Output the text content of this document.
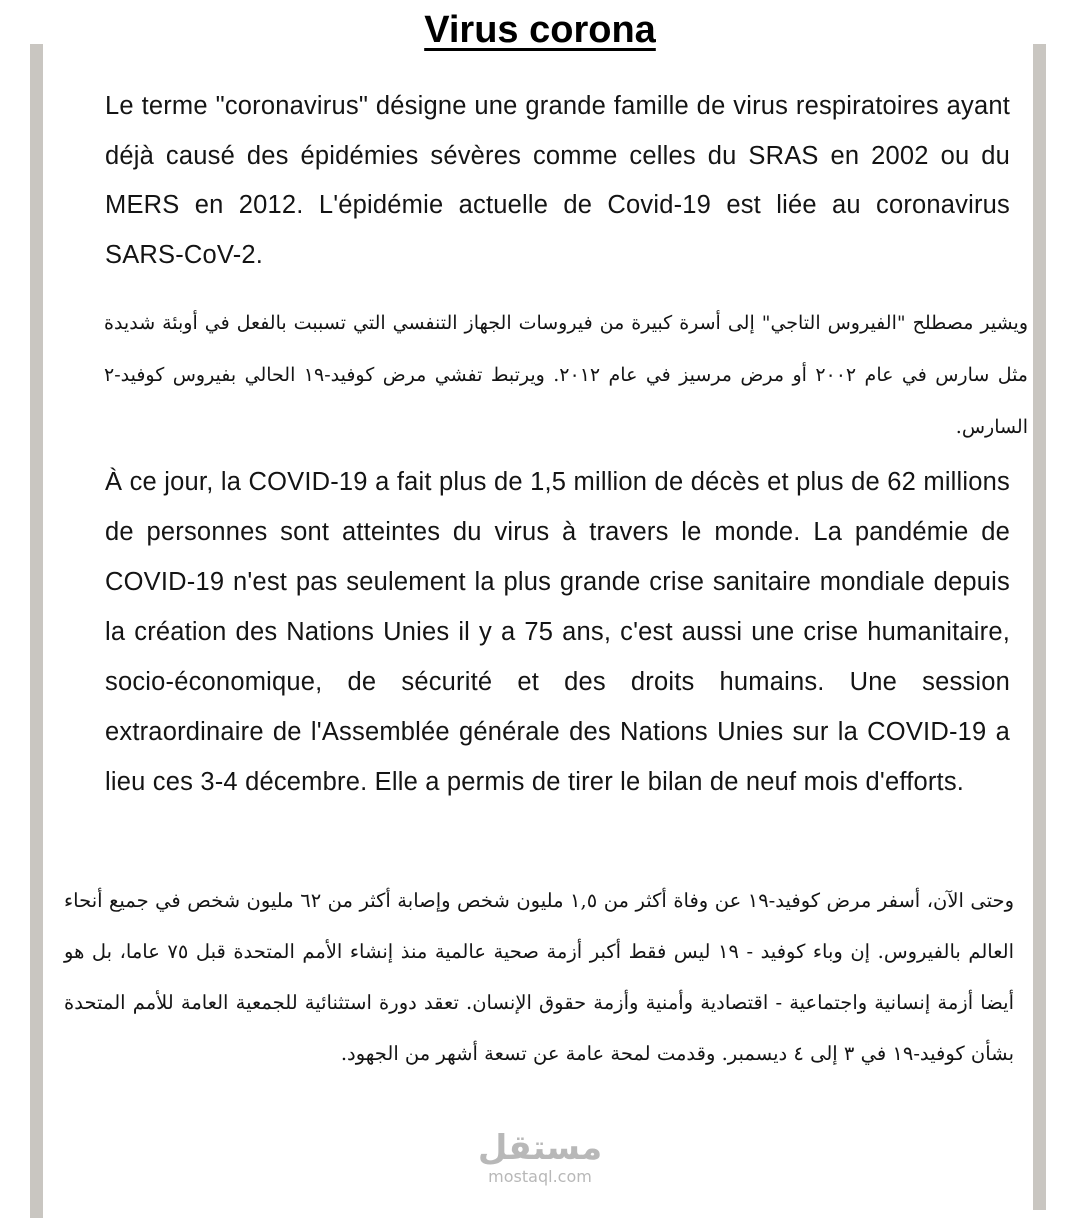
Virus corona

Le terme "coronavirus" désigne une grande famille de virus respiratoires ayant déjà causé des épidémies sévères comme celles du SRAS en 2002 ou du MERS en 2012. L'épidémie actuelle de Covid-19 est liée au coronavirus SARS-CoV-2.

ويشير مصطلح "الفيروس التاجي" إلى أسرة كبيرة من فيروسات الجهاز التنفسي التي تسببت بالفعل في أوبئة شديدة مثل سارس في عام ٢٠٠٢ أو مرض مرسيز في عام ٢٠١٢. ويرتبط تفشي مرض كوفيد-١٩ الحالي بفيروس كوفيد-٢ السارس.

À ce jour, la COVID-19 a fait plus de 1,5 million de décès et plus de 62 millions de personnes sont atteintes du virus à travers le monde. La pandémie de COVID-19 n'est pas seulement la plus grande crise sanitaire mondiale depuis la création des Nations Unies il y a 75 ans, c'est aussi une crise humanitaire, socio-économique, de sécurité et des droits humains. Une session extraordinaire de l'Assemblée générale des Nations Unies sur la COVID-19 a lieu ces 3-4 décembre. Elle a permis de tirer le bilan de neuf mois d'efforts.

وحتى الآن، أسفر مرض كوفيد-١٩ عن وفاة أكثر من ١,٥ مليون شخص وإصابة أكثر من ٦٢ مليون شخص في جميع أنحاء العالم بالفيروس. إن وباء كوفيد - ١٩ ليس فقط أكبر أزمة صحية عالمية منذ إنشاء الأمم المتحدة قبل ٧٥ عاما، بل هو أيضا أزمة إنسانية واجتماعية - اقتصادية وأمنية وأزمة حقوق الإنسان. تعقد دورة استثنائية للجمعية العامة للأمم المتحدة بشأن كوفيد-١٩ في ٣ إلى ٤ ديسمبر. وقدمت لمحة عامة عن تسعة أشهر من الجهود.

مستقل
mostaql.com
